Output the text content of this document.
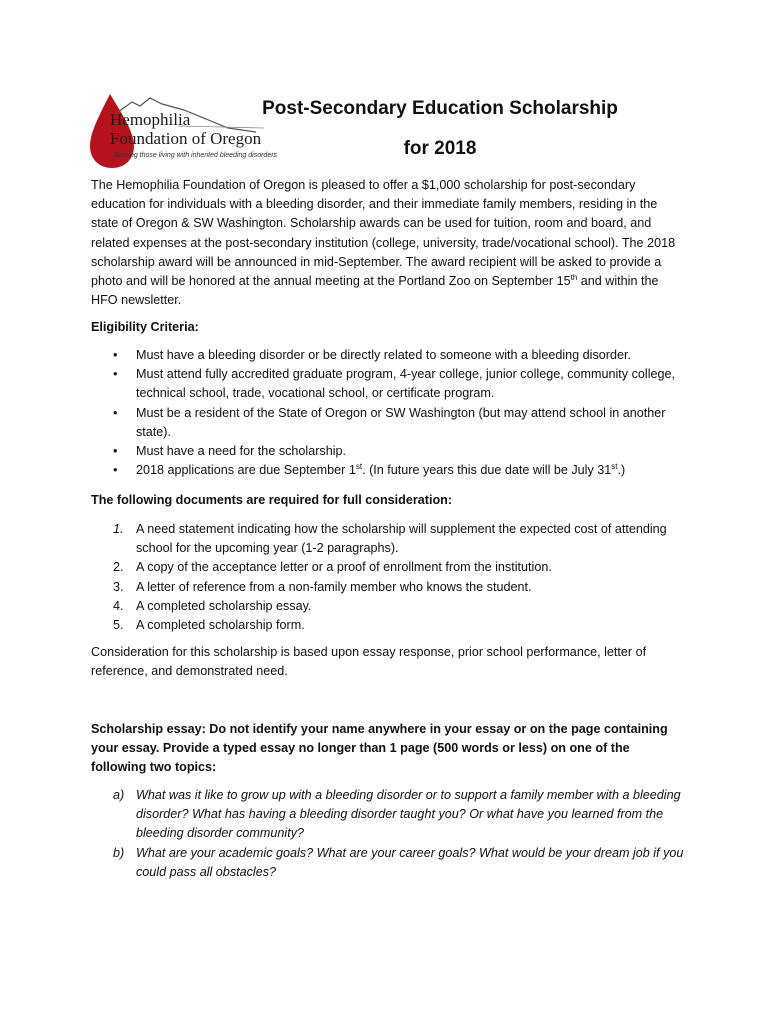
Hemophilia
Foundation of Oregon
Serving those living with inherited bleeding disorders
Post-Secondary Education Scholarship
for 2018
The Hemophilia Foundation of Oregon is pleased to offer a $1,000 scholarship for post-secondary education for individuals with a bleeding disorder, and their immediate family members, residing in the state of Oregon & SW Washington. Scholarship awards can be used for tuition, room and board, and related expenses at the post-secondary institution (college, university, trade/vocational school). The 2018 scholarship award will be announced in mid-September. The award recipient will be asked to provide a photo and will be honored at the annual meeting at the Portland Zoo on September 15th and within the HFO newsletter.
Eligibility Criteria:
• Must have a bleeding disorder or be directly related to someone with a bleeding disorder.
• Must attend fully accredited graduate program, 4-year college, junior college, community college, technical school, trade, vocational school, or certificate program.
• Must be a resident of the State of Oregon or SW Washington (but may attend school in another state).
• Must have a need for the scholarship.
• 2018 applications are due September 1st. (In future years this due date will be July 31st.)
The following documents are required for full consideration:
1. A need statement indicating how the scholarship will supplement the expected cost of attending school for the upcoming year (1-2 paragraphs).
2. A copy of the acceptance letter or a proof of enrollment from the institution.
3. A letter of reference from a non-family member who knows the student.
4. A completed scholarship essay.
5. A completed scholarship form.
Consideration for this scholarship is based upon essay response, prior school performance, letter of reference, and demonstrated need.
Scholarship essay: Do not identify your name anywhere in your essay or on the page containing your essay. Provide a typed essay no longer than 1 page (500 words or less) on one of the following two topics:
a) What was it like to grow up with a bleeding disorder or to support a family member with a bleeding disorder? What has having a bleeding disorder taught you? Or what have you learned from the bleeding disorder community?
b) What are your academic goals? What are your career goals? What would be your dream job if you could pass all obstacles?
